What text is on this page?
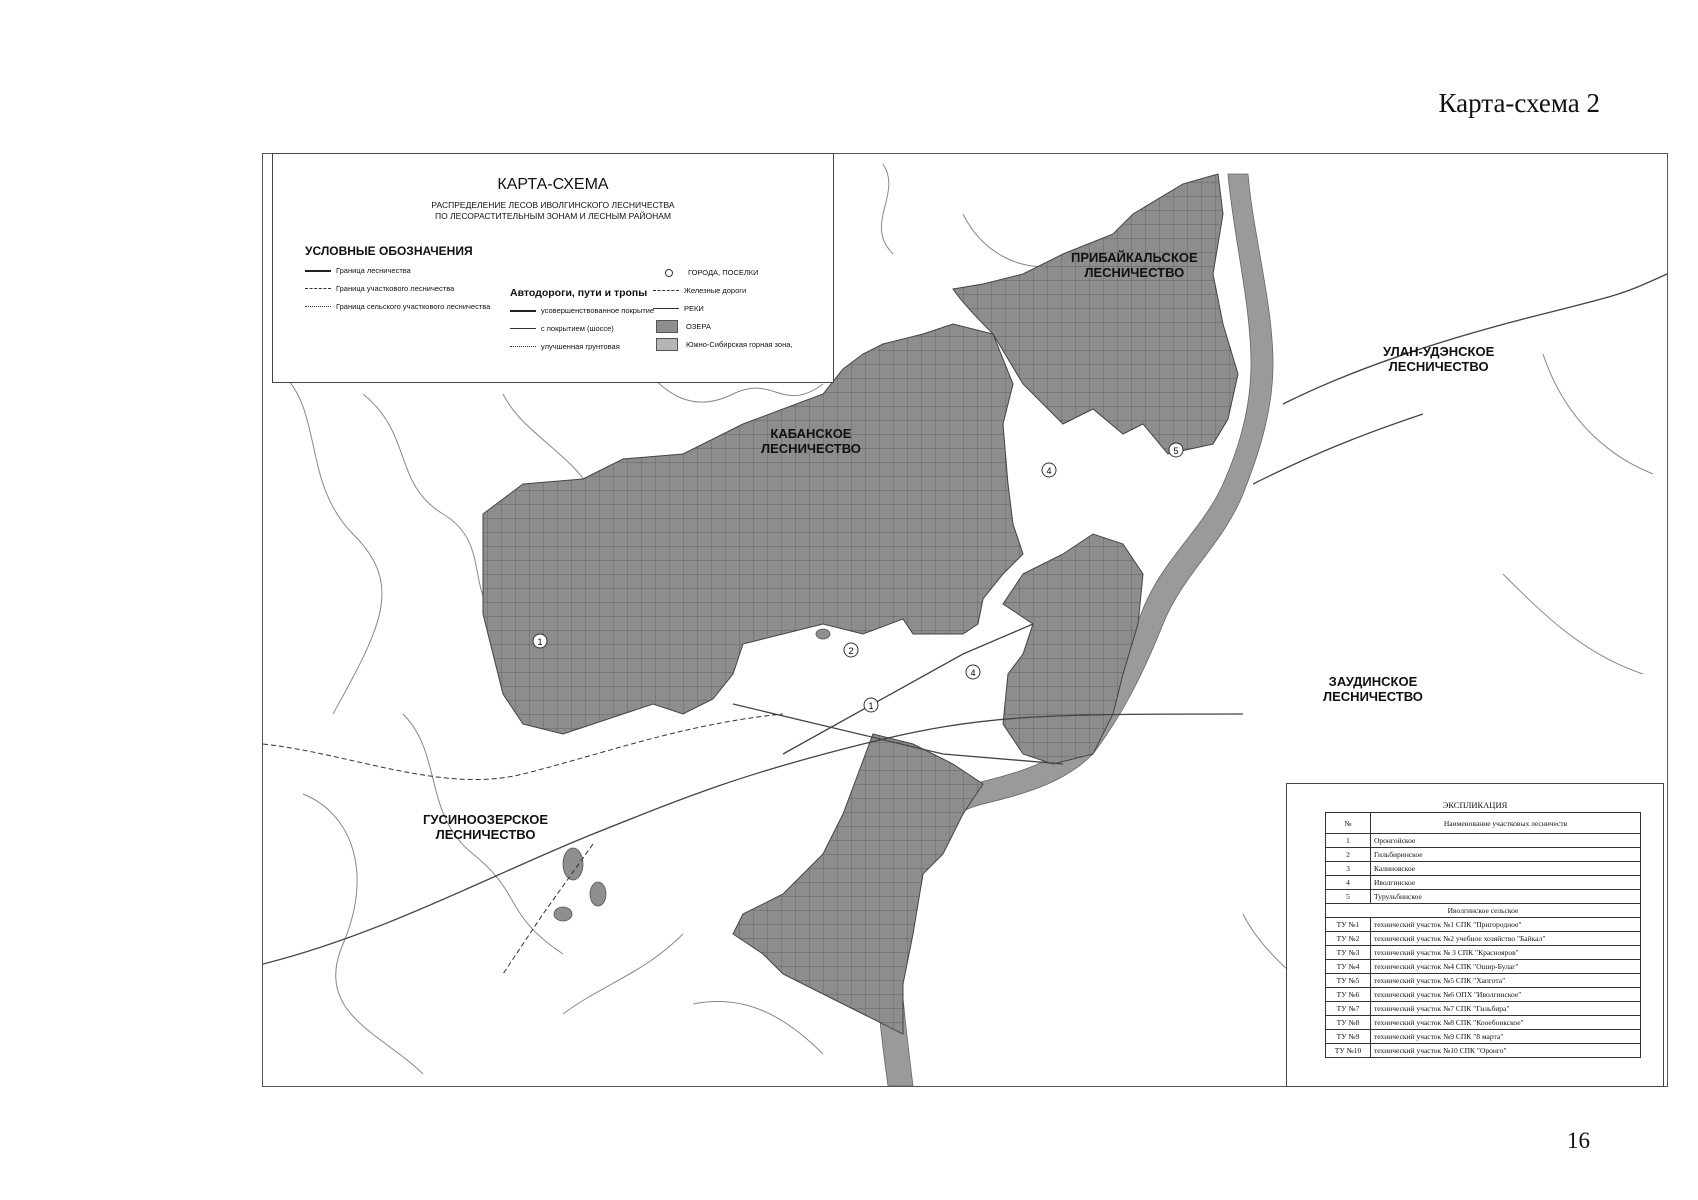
Карта-схема 2
1
2
1
4
4
5
ПРИБАЙКАЛЬСКОЕ
ЛЕСНИЧЕСТВО
УЛАН-УДЭНСКОЕ
ЛЕСНИЧЕСТВО
КАБАНСКОЕ
ЛЕСНИЧЕСТВО
ЗАУДИНСКОЕ
ЛЕСНИЧЕСТВО
ГУСИНООЗЕРСКОЕ
ЛЕСНИЧЕСТВО
КАРТА-СХЕМА
РАСПРЕДЕЛЕНИЕ ЛЕСОВ ИВОЛГИНСКОГО ЛЕСНИЧЕСТВА
ПО ЛЕСОРАСТИТЕЛЬНЫМ ЗОНАМ И ЛЕСНЫМ РАЙОНАМ
УСЛОВНЫЕ ОБОЗНАЧЕНИЯ
Граница лесничества
Граница участкового лесничества
Граница сельского участкового лесничества
Автодороги, пути и тропы
усовершенствованное покрытие
с покрытием (шоссе)
улучшенная грунтовая
ГОРОДА, ПОСЕЛКИ
Железные дороги
РЕКИ
ОЗЕРА
Южно-Сибирская горная зона,
ЭКСПЛИКАЦИЯ
№	Наименование участковых лесничеств
1	Оронгойское
2	Гильбиринское
3	Калиновское
4	Иволгинское
5	Турульбинское
Иволгинское сельское	
ТУ №1	технический участок №1 СПК "Пригородное"
ТУ №2	технический участок №2 учебное хозяйство "Байкал"
ТУ №3	технический участок № 3 СПК "Краснояров"
ТУ №4	технический участок №4 СПК "Ошир-Булаг"
ТУ №5	технический участок №5 СПК "Хапгота"
ТУ №6	технический участок №6 ОПХ "Иволгинское"
ТУ №7	технический участок №7 СПК "Гильбира"
ТУ №8	технический участок №8 СПК "Кооебоикское"
ТУ №9	технический участок №9 СПК "8 марта"
ТУ №10	технический участок №10 СПК "Оронго"
16
